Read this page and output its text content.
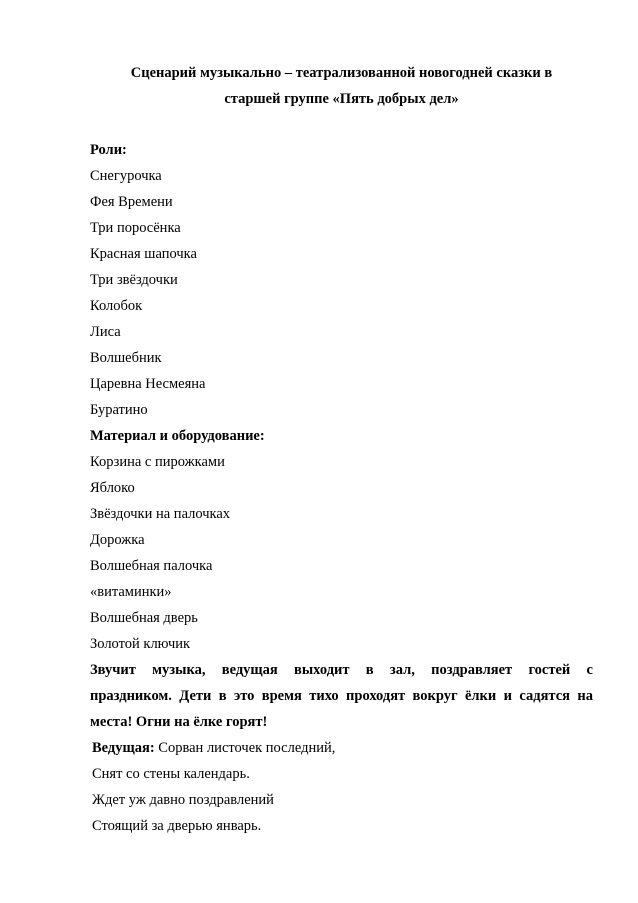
Сценарий музыкально – театрализованной новогодней сказки в
старшей группе «Пять добрых дел»
Роли:
Снегурочка
Фея Времени
Три поросёнка
Красная шапочка
Три звёздочки
Колобок
Лиса
Волшебник
Царевна Несмеяна
Буратино
Материал и оборудование:
Корзина с пирожками
Яблоко
Звёздочки на палочках
Дорожка
Волшебная палочка
«витаминки»
Волшебная дверь
Золотой ключик
Звучит музыка, ведущая выходит в зал, поздравляет гостей с
праздником. Дети в это время тихо проходят вокруг ёлки и садятся на
места! Огни на ёлке горят!
Ведущая: Сорван листочек последний,
Снят со стены календарь.
Ждет уж давно поздравлений
Стоящий за дверью январь.
